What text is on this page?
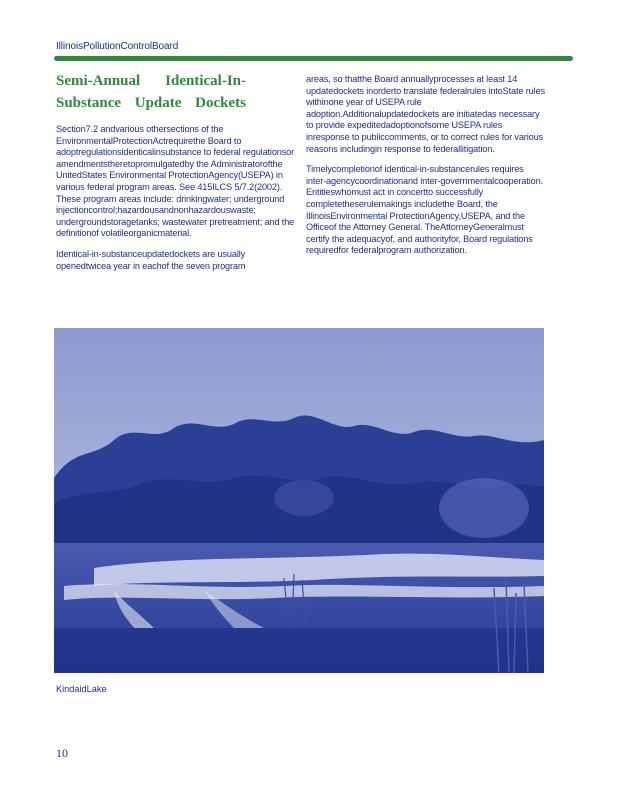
IllinoisPollutionControlBoard
Semi-Annual Identical-In-Substance Update Dockets

Section7.2 andvarious othersections of the EnvironmentalProtectionActrequirethe Board to adoptregulationsidenticalinsubstance to federal regulationsor amendmentstheretopromulgatedby the Administratorofthe UnitedStates Environmental ProtectionAgency(USEPA) in various federal program areas. See 415ILCS 5/7.2(2002). These program areas include: drinkingwater; underground injectioncontrol;hazardousandnonhazardouswaste; undergroundstoragetanks; wastewater pretreatment; and the definitionof volatileorganicmaterial.

Identical-in-substanceupdatedockets are usually openedtwicea year in eachof the seven program

areas, so thatthe Board annuallyprocesses at least 14 updatedockets inorderto translate federalrules intoState rules withinone year of USEPA rule adoption.Additionalupdatedockets are initiatedas necessary to provide expeditedadoptionofsome USEPA rules inresponse to publiccomments, or to correct rules for various reasons includingin response to federallitigation.

Timelycompletionof identical-in-substancerules requires inter-agencycoordinationand inter-governmentalcooperation. Entitieswhomust act in concertto successfully completetheserulemakings includethe Board, the IllinoisEnvironmental ProtectionAgency,USEPA, and the Officeof the Attorney General. TheAttorneyGeneralmust certify the adequacyof, and authorityfor, Board regulations requiredfor federalprogram authorization.

KindaidLake
10
